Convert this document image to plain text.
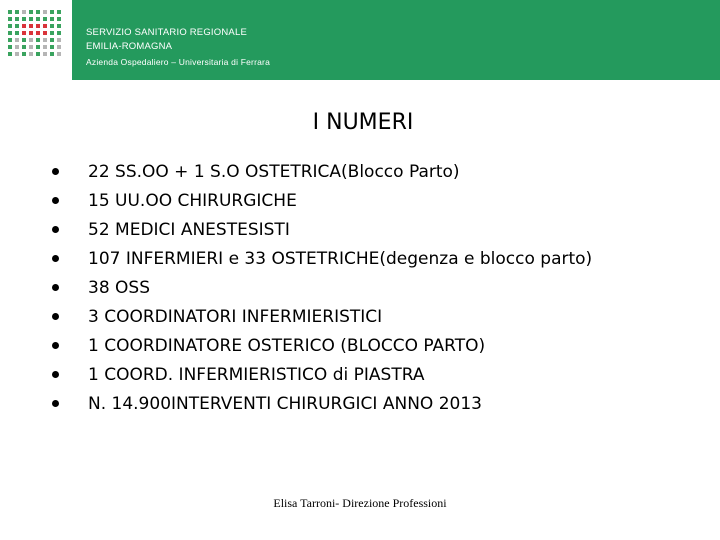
SERVIZIO SANITARIO REGIONALE
EMILIA-ROMAGNA
Azienda Ospedaliero – Universitaria di Ferrara
I NUMERI
22 SS.OO + 1 S.O OSTETRICA(Blocco Parto)
15 UU.OO CHIRURGICHE
52 MEDICI ANESTESISTI
107 INFERMIERI e 33 OSTETRICHE(degenza e blocco parto)
38 OSS
3 COORDINATORI INFERMIERISTICI
1 COORDINATORE OSTERICO (BLOCCO PARTO)
1 COORD. INFERMIERISTICO di PIASTRA
N. 14.900INTERVENTI CHIRURGICI ANNO 2013
Elisa Tarroni- Direzione Professioni
